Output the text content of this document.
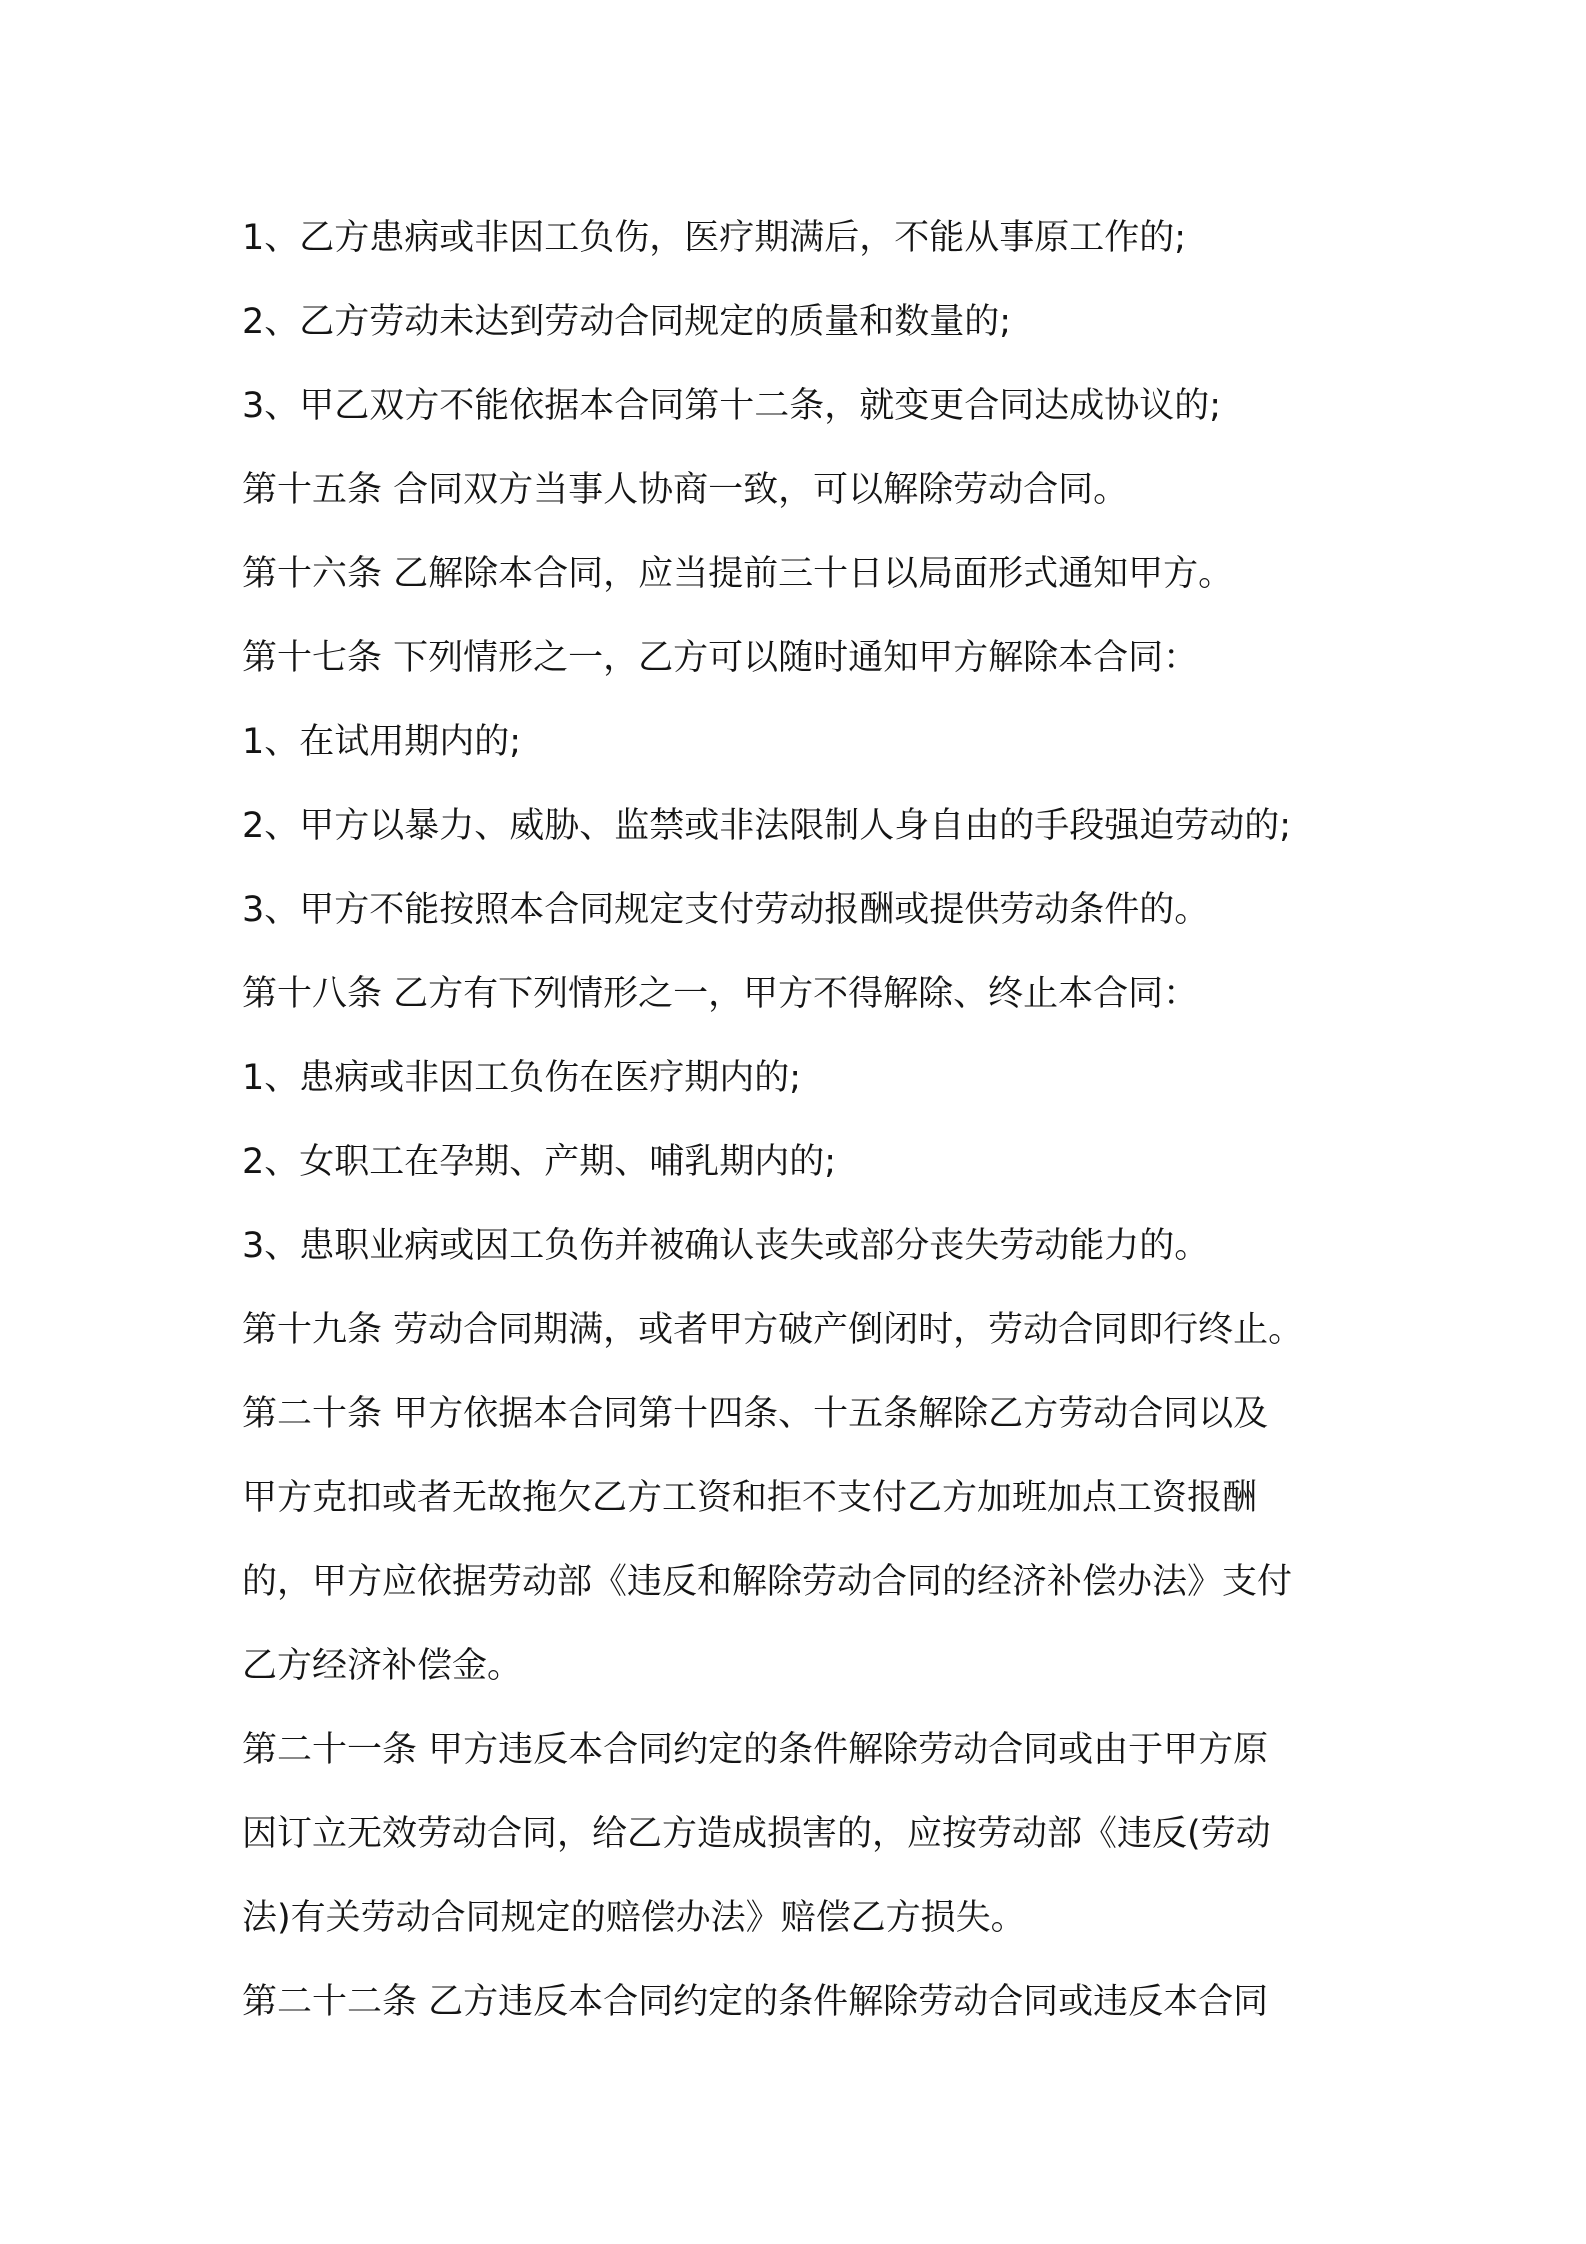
1、乙方患病或非因工负伤，医疗期满后，不能从事原工作的;
2、乙方劳动未达到劳动合同规定的质量和数量的;
3、甲乙双方不能依据本合同第十二条，就变更合同达成协议的;
第十五条 合同双方当事人协商一致，可以解除劳动合同。
第十六条 乙解除本合同，应当提前三十日以局面形式通知甲方。
第十七条 下列情形之一，乙方可以随时通知甲方解除本合同：
1、在试用期内的;
2、甲方以暴力、威胁、监禁或非法限制人身自由的手段强迫劳动的;
3、甲方不能按照本合同规定支付劳动报酬或提供劳动条件的。
第十八条 乙方有下列情形之一，甲方不得解除、终止本合同：
1、患病或非因工负伤在医疗期内的;
2、女职工在孕期、产期、哺乳期内的;
3、患职业病或因工负伤并被确认丧失或部分丧失劳动能力的。
第十九条 劳动合同期满，或者甲方破产倒闭时，劳动合同即行终止。
第二十条 甲方依据本合同第十四条、十五条解除乙方劳动合同以及
甲方克扣或者无故拖欠乙方工资和拒不支付乙方加班加点工资报酬
的，甲方应依据劳动部《违反和解除劳动合同的经济补偿办法》支付
乙方经济补偿金。
第二十一条 甲方违反本合同约定的条件解除劳动合同或由于甲方原
因订立无效劳动合同，给乙方造成损害的，应按劳动部《违反(劳动
法)有关劳动合同规定的赔偿办法》赔偿乙方损失。
第二十二条 乙方违反本合同约定的条件解除劳动合同或违反本合同
